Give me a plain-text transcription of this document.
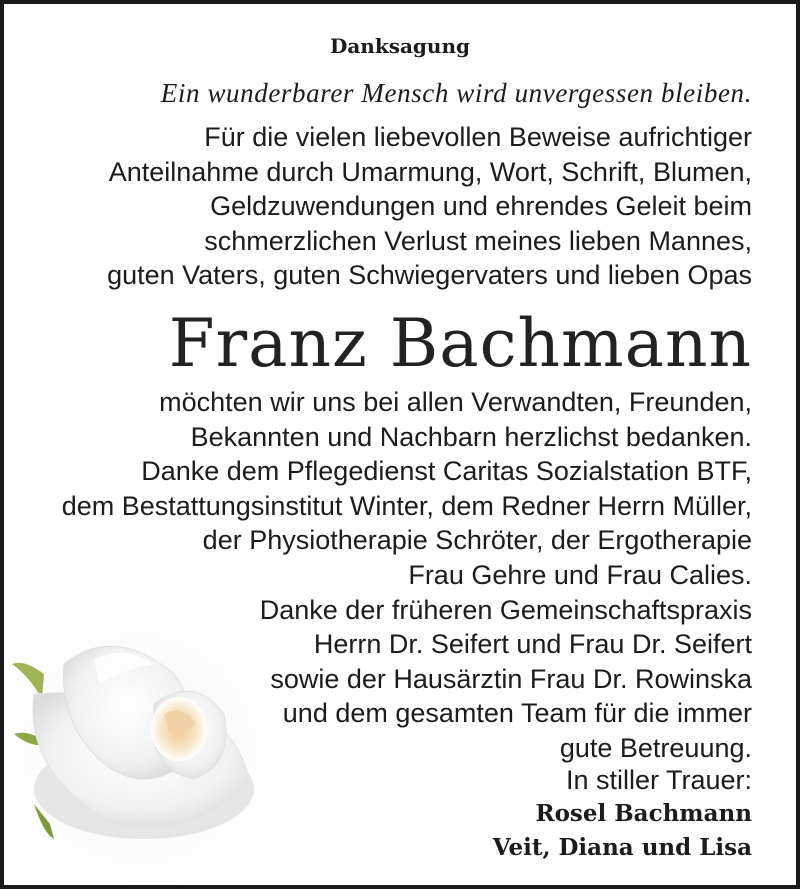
Danksagung
Ein wunderbarer Mensch wird unvergessen bleiben.
Für die vielen liebevollen Beweise aufrichtiger
Anteilnahme durch Umarmung, Wort, Schrift, Blumen,
Geldzuwendungen und ehrendes Geleit beim
schmerzlichen Verlust meines lieben Mannes,
guten Vaters, guten Schwiegervaters und lieben Opas
Franz Bachmann
möchten wir uns bei allen Verwandten, Freunden,
Bekannten und Nachbarn herzlichst bedanken.
Danke dem Pflegedienst Caritas Sozialstation BTF,
dem Bestattungsinstitut Winter, dem Redner Herrn Müller,
der Physiotherapie Schröter, der Ergotherapie
Frau Gehre und Frau Calies.
Danke der früheren Gemeinschaftspraxis
Herrn Dr. Seifert und Frau Dr. Seifert
sowie der Hausärztin Frau Dr. Rowinska
und dem gesamten Team für die immer
gute Betreuung.
In stiller Trauer:
Rosel Bachmann
Veit, Diana und Lisa
